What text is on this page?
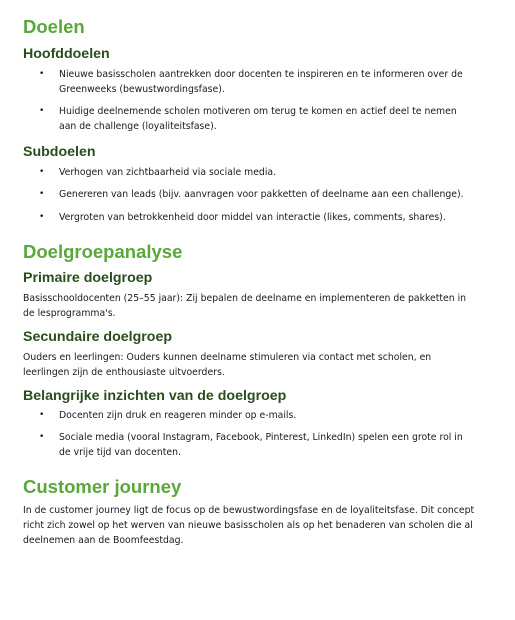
Doelen
Hoofddoelen
• Nieuwe basisscholen aantrekken door docenten te inspireren en te informeren over de Greenweeks (bewustwordingsfase).
• Huidige deelnemende scholen motiveren om terug te komen en actief deel te nemen aan de challenge (loyaliteitsfase).
Subdoelen
• Verhogen van zichtbaarheid via sociale media.
• Genereren van leads (bijv. aanvragen voor pakketten of deelname aan een challenge).
• Vergroten van betrokkenheid door middel van interactie (likes, comments, shares).
Doelgroepanalyse
Primaire doelgroep

Basisschooldocenten (25–55 jaar): Zij bepalen de deelname en implementeren de pakketten in de lesprogramma's.

Secundaire doelgroep

Ouders en leerlingen: Ouders kunnen deelname stimuleren via contact met scholen, en leerlingen zijn de enthousiaste uitvoerders.

Belangrijke inzichten van de doelgroep
• Docenten zijn druk en reageren minder op e-mails.
• Sociale media (vooral Instagram, Facebook, Pinterest, LinkedIn) spelen een grote rol in de vrije tijd van docenten.
Customer journey

In de customer journey ligt de focus op de bewustwordingsfase en de loyaliteitsfase. Dit concept richt zich zowel op het werven van nieuwe basisscholen als op het benaderen van scholen die al deelnemen aan de Boomfeestdag.
